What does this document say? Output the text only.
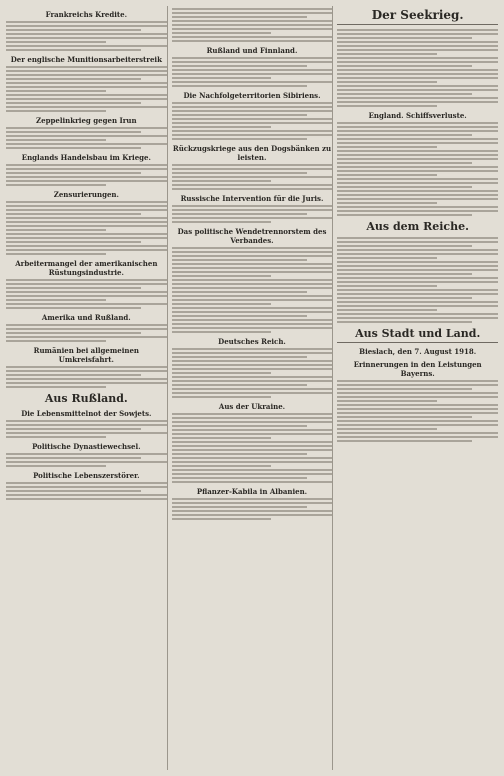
Frankreichs Kredite.
Der englische Munitionsarbeiterstreik
Zeppelinkrieg gegen Irun
Englands Handelsbau im Kriege.
Zensurierungen.
Arbeitermangel der amerikanischen Rüstungsindustrie.
Amerika und Rußland.
Rumänien bei allgemeinen Umkreisfahrt.
Aus Rußland.
Die Lebensmittelnot der Sowjets.
Politische Dynastiewechsel.
Politische Lebenszerstörer.
Rußland und Finnland.
Die Nachfolgeterritorien Sibiriens.
Rückzugskriege aus den Dogsbänken zu leisten.
Russische Intervention für die Juris.
Das politische Wendetrennorstem des Verbandes.
Deutsches Reich.
Aus der Ukraine.
Pflanzer-Kabila in Albanien.
Der Seekrieg.
England. Schiffsverluste.
Aus dem Reiche.
Aus Stadt und Land.
Bieslach, den 7. August 1918.
Erinnerungen in den Leistungen Bayerns.
